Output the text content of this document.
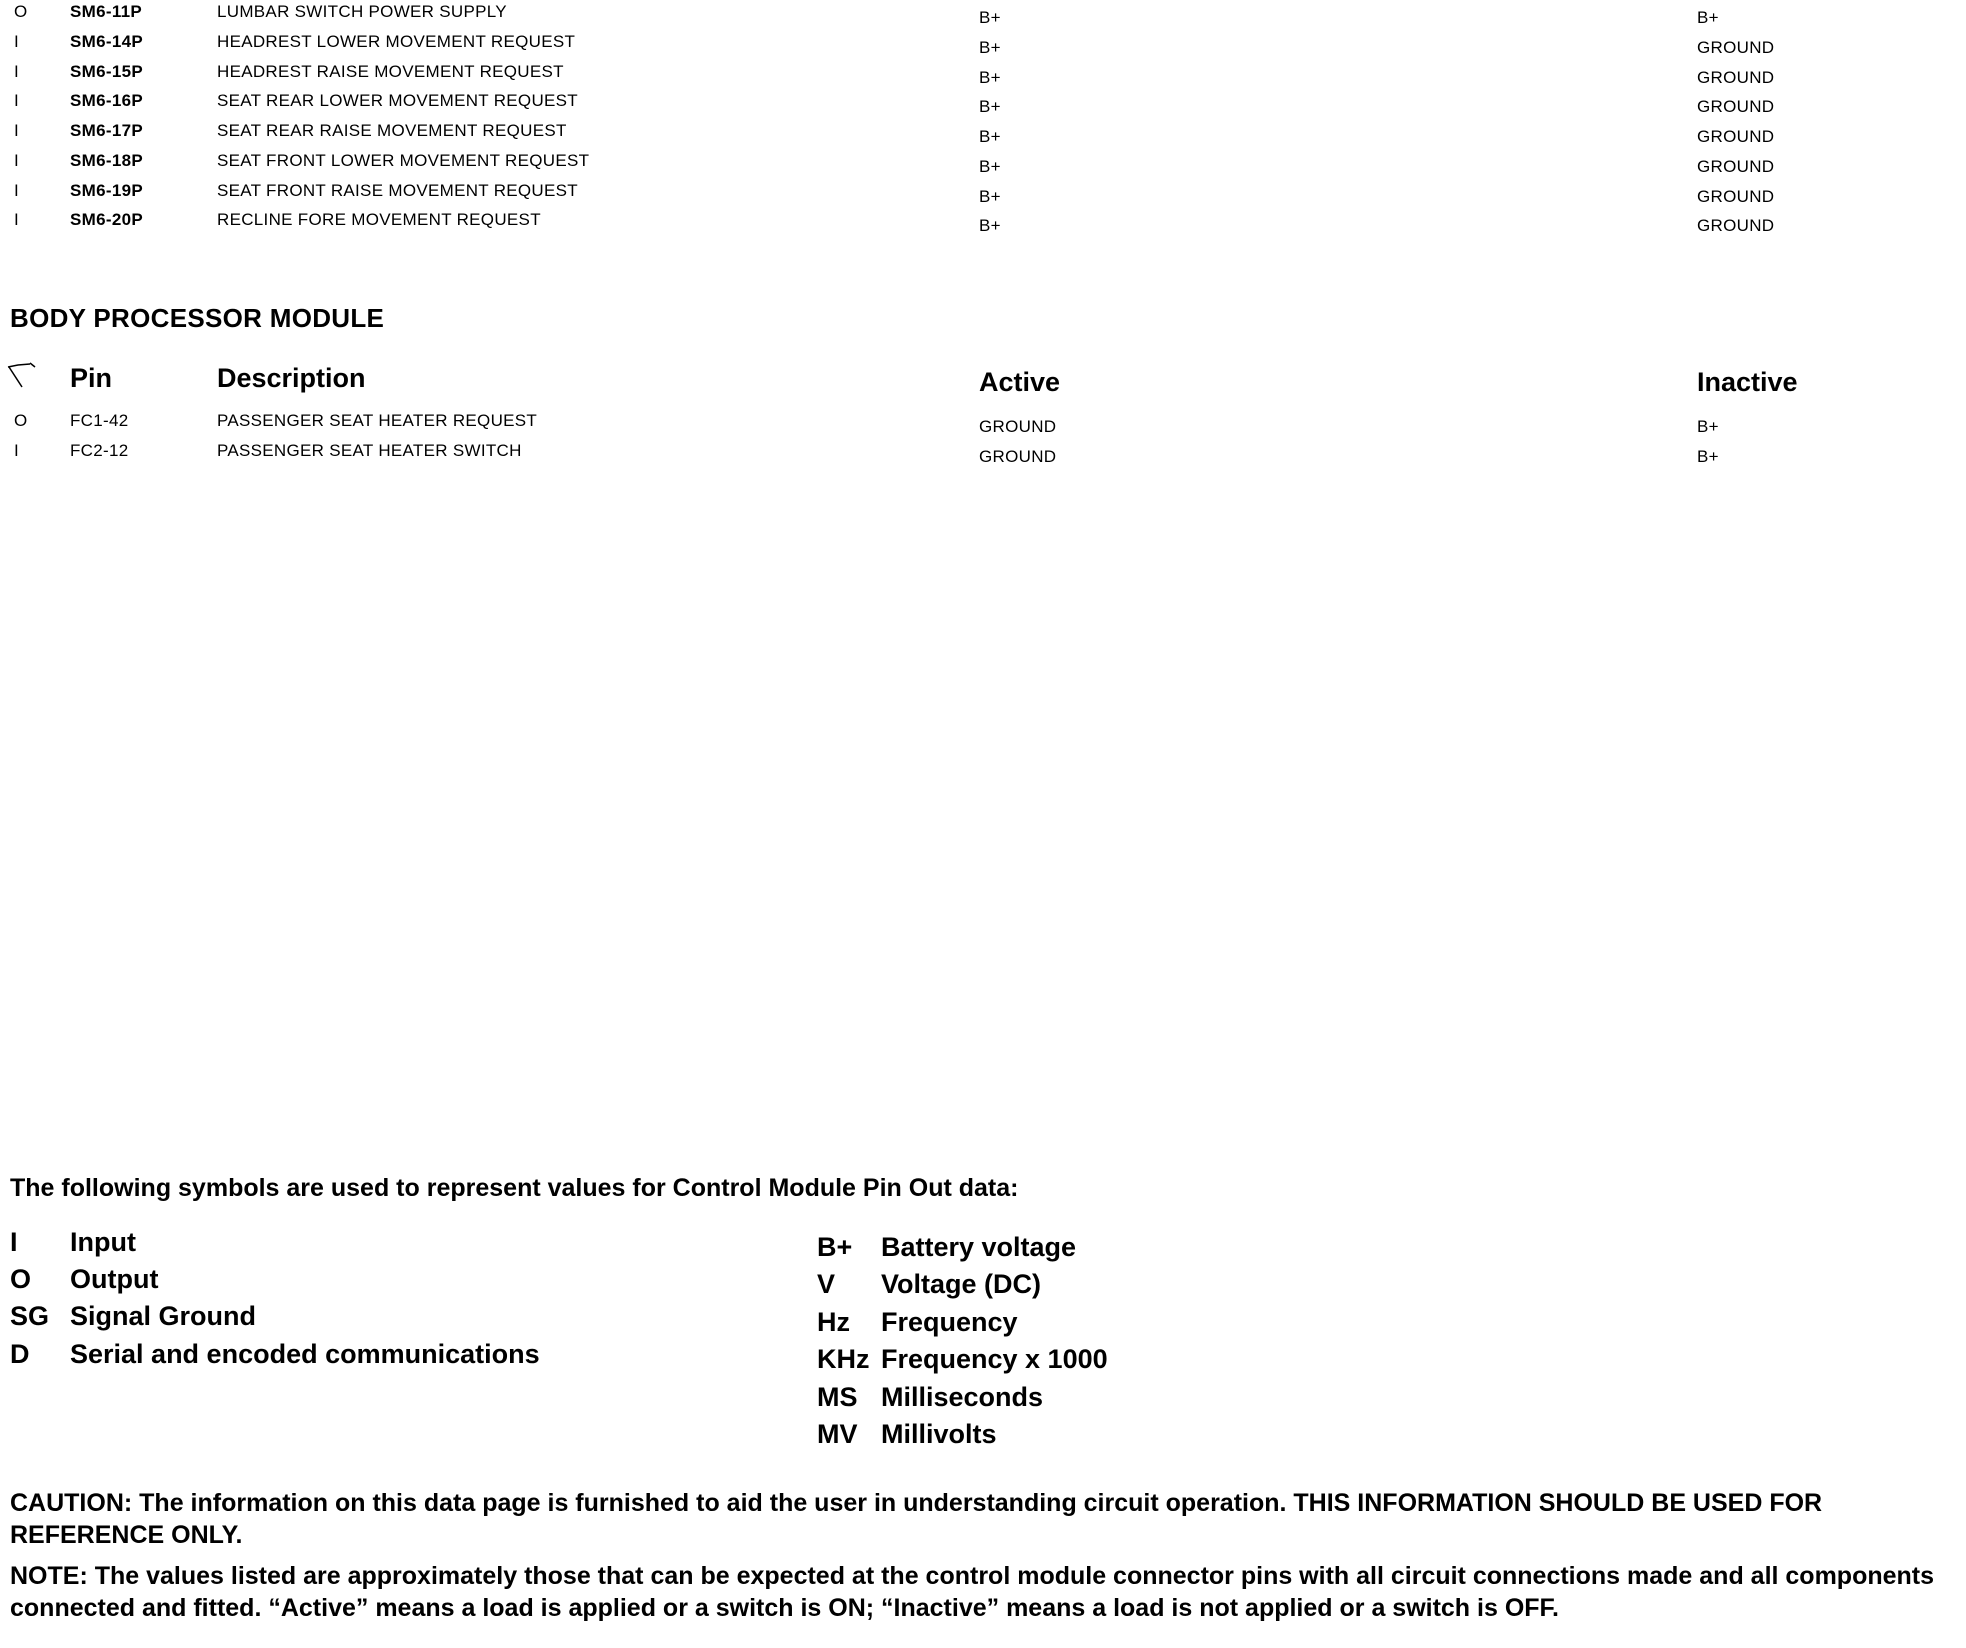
O SM6-11P	LUMBAR SWITCH POWER SUPPLY	B+	B+
I	SM6-14P	HEADREST LOWER MOVEMENT REQUEST	B+	GROUND
I	SM6-15P	HEADREST RAISE MOVEMENT REQUEST	B+	GROUND
I	SM6-16P	SEAT REAR LOWER MOVEMENT REQUEST	B+	GROUND
I	SM6-17P	SEAT REAR RAISE MOVEMENT REQUEST	B+	GROUND
I	SM6-18P	SEAT FRONT LOWER MOVEMENT REQUEST	B+	GROUND
I	SM6-19P	SEAT FRONT RAISE MOVEMENT REQUEST	B+	GROUND
I	SM6-20P	RECLINE FORE MOVEMENT REQUEST	B+	GROUND
BODY PROCESSOR MODULE
Pin	Description	Active	Inactive
O FC1-42	PASSENGER SEAT HEATER REQUEST	GROUND	B+
I	FC2-12	PASSENGER SEAT HEATER SWITCH	GROUND	B+
The following symbols are used to represent values for Control Module Pin Out data:
I Input
O Output
SG Signal Ground
D Serial and encoded communications
B+ Battery voltage
V Voltage (DC)
Hz Frequency
KHz Frequency x 1000
MS Milliseconds
MV Millivolts
CAUTION: The information on this data page is furnished to aid the user in understanding circuit operation. THIS INFORMATION SHOULD BE USED FOR REFERENCE ONLY.
NOTE: The values listed are approximately those that can be expected at the control module connector pins with all circuit connections made and all components connected and fitted. “Active” means a load is applied or a switch is ON; “Inactive” means a load is not applied or a switch is OFF.
